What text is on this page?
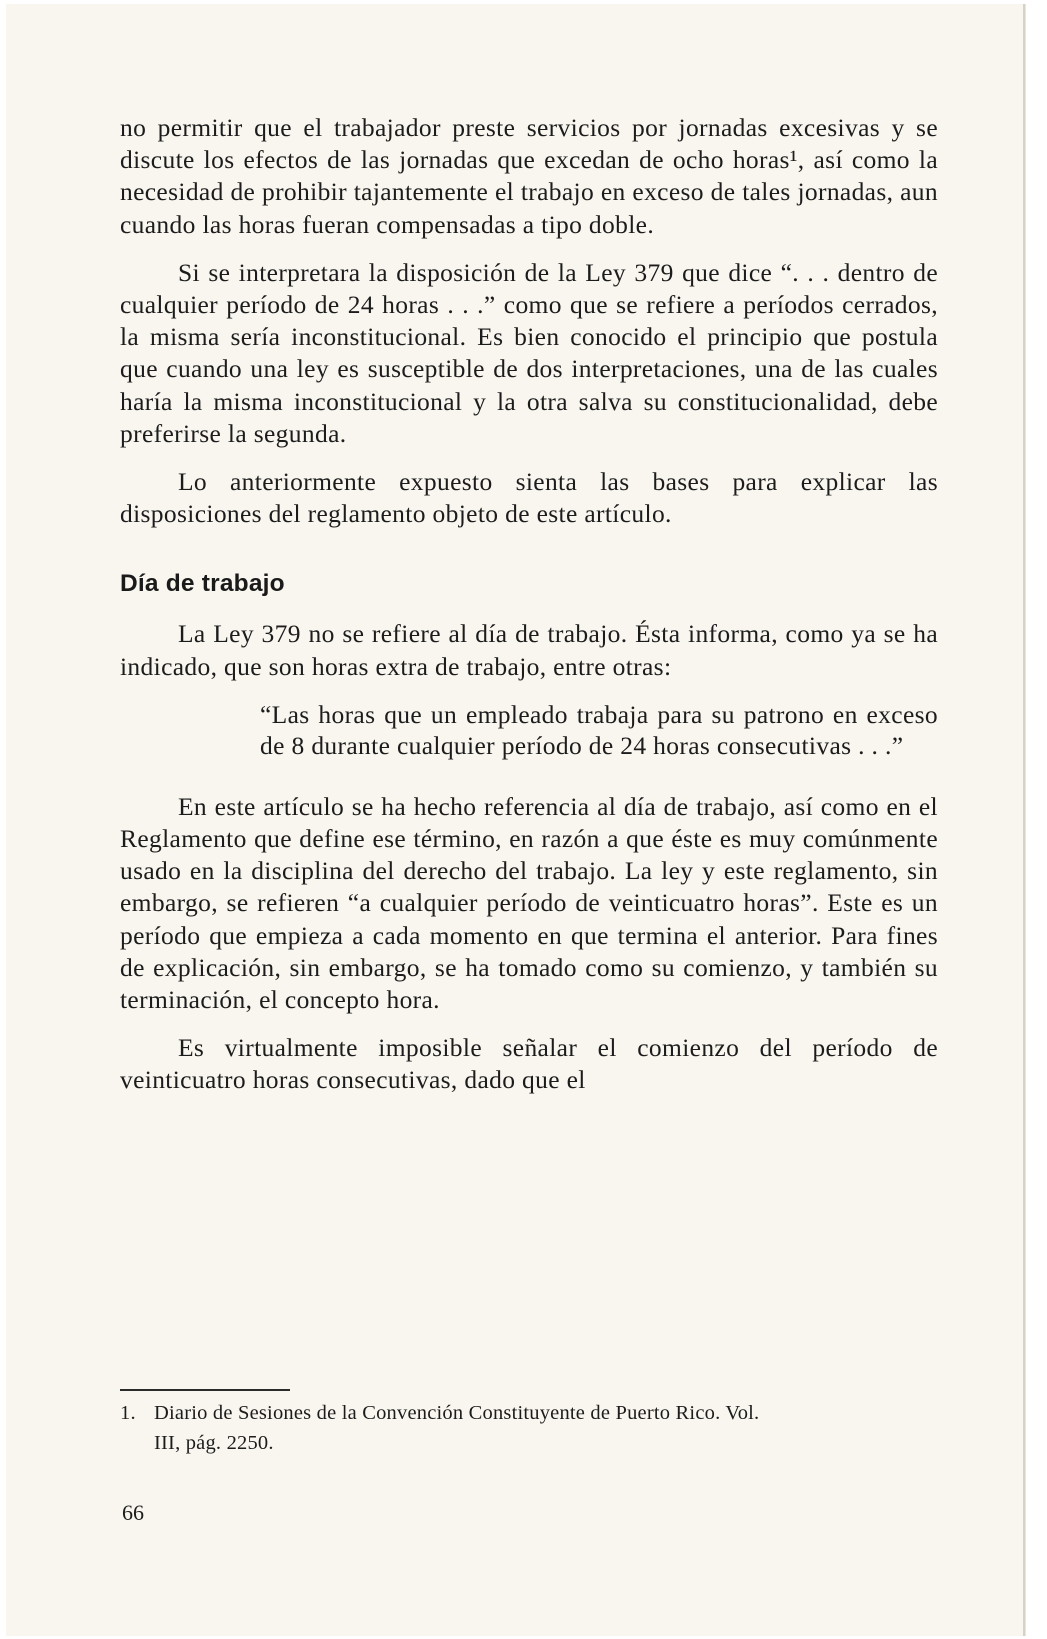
no permitir que el trabajador preste servicios por jornadas excesivas y se discute los efectos de las jornadas que excedan de ocho horas¹, así como la necesidad de prohibir tajantemente el trabajo en exceso de tales jornadas, aun cuando las horas fueran compensadas a tipo doble.

Si se interpretara la disposición de la Ley 379 que dice “. . . dentro de cualquier período de 24 horas . . .” como que se refiere a períodos cerrados, la misma sería inconstitucional. Es bien conocido el principio que postula que cuando una ley es susceptible de dos interpretaciones, una de las cuales haría la misma inconstitucional y la otra salva su constitucionalidad, debe preferirse la segunda.

Lo anteriormente expuesto sienta las bases para explicar las disposiciones del reglamento objeto de este artículo.

Día de trabajo

La Ley 379 no se refiere al día de trabajo. Ésta informa, como ya se ha indicado, que son horas extra de trabajo, entre otras:

“Las horas que un empleado trabaja para su patrono en exceso de 8 durante cualquier período de 24 horas consecutivas . . .”

En este artículo se ha hecho referencia al día de trabajo, así como en el Reglamento que define ese término, en razón a que éste es muy comúnmente usado en la disciplina del derecho del trabajo. La ley y este reglamento, sin embargo, se refieren “a cualquier período de veinticuatro horas”. Este es un período que empieza a cada momento en que termina el anterior. Para fines de explicación, sin embargo, se ha tomado como su comienzo, y también su terminación, el concepto hora.

Es virtualmente imposible señalar el comienzo del período de veinticuatro horas consecutivas, dado que el

1. Diario de Sesiones de la Convención Constituyente de Puerto Rico. Vol.
III, pág. 2250.
66
